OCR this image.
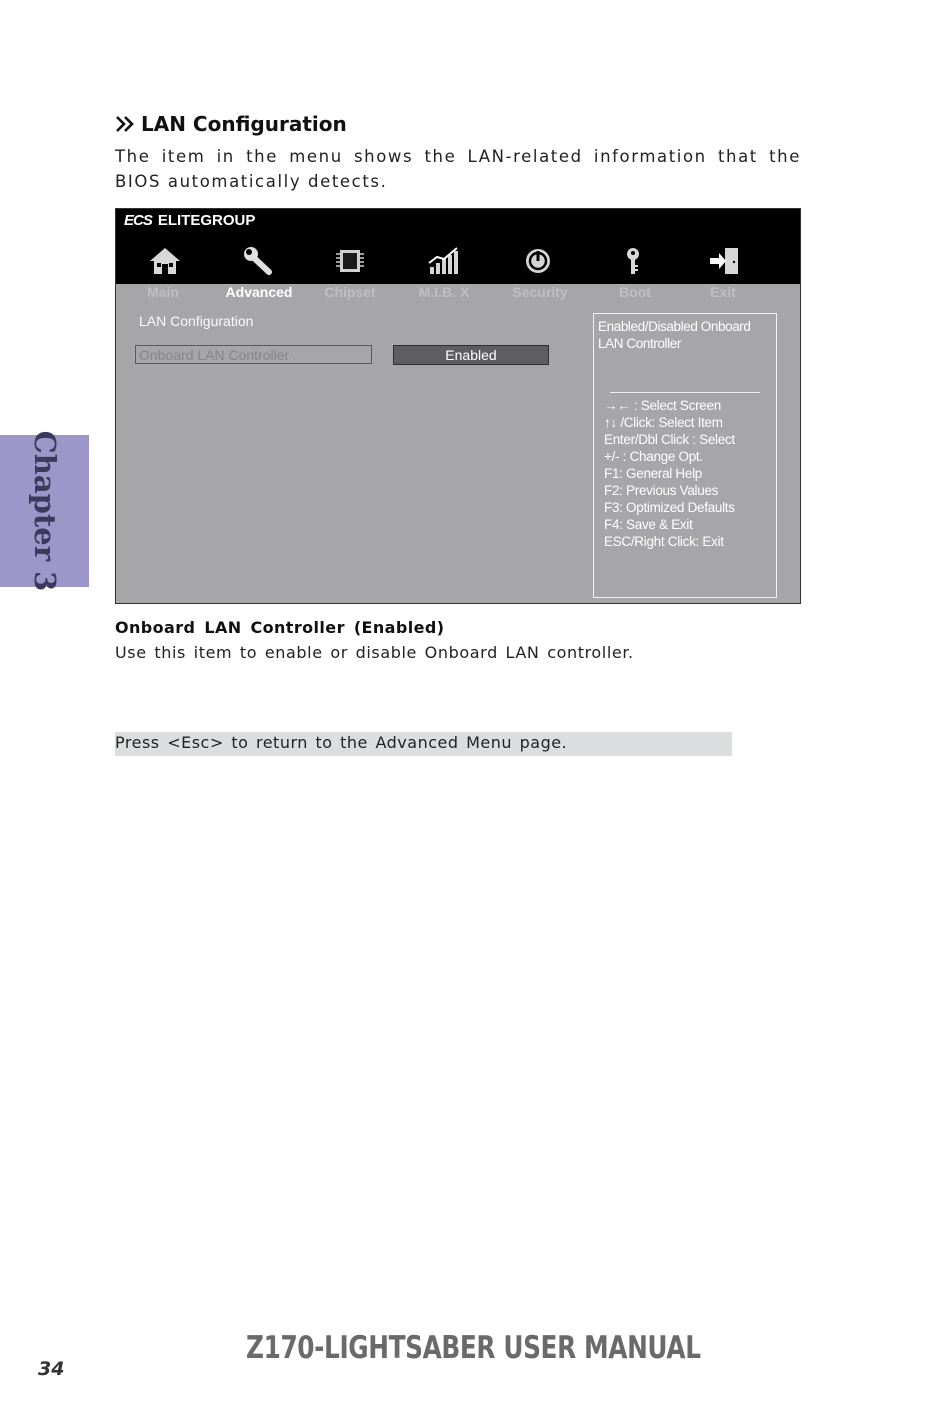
LAN Configuration
The item in the menu shows the LAN-related information that the BIOS automatically detects.
ECS ELITEGROUP
Main	Advanced	Chipset	M.I.B. X	Security	Boot	Exit
LAN Configuration
Onboard LAN Controller	Enabled
Enabled/Disabled Onboard LAN Controller
→← : Select Screen
↑↓ /Click: Select Item
Enter/Dbl Click : Select
+/- : Change Opt.
F1: General Help
F2: Previous Values
F3: Optimized Defaults
F4: Save & Exit
ESC/Right Click: Exit
Onboard LAN Controller (Enabled)
Use this item to enable or disable Onboard LAN controller.
Press <Esc> to return to the Advanced Menu page.
Chapter 3
34
Z170-LIGHTSABER USER MANUAL
